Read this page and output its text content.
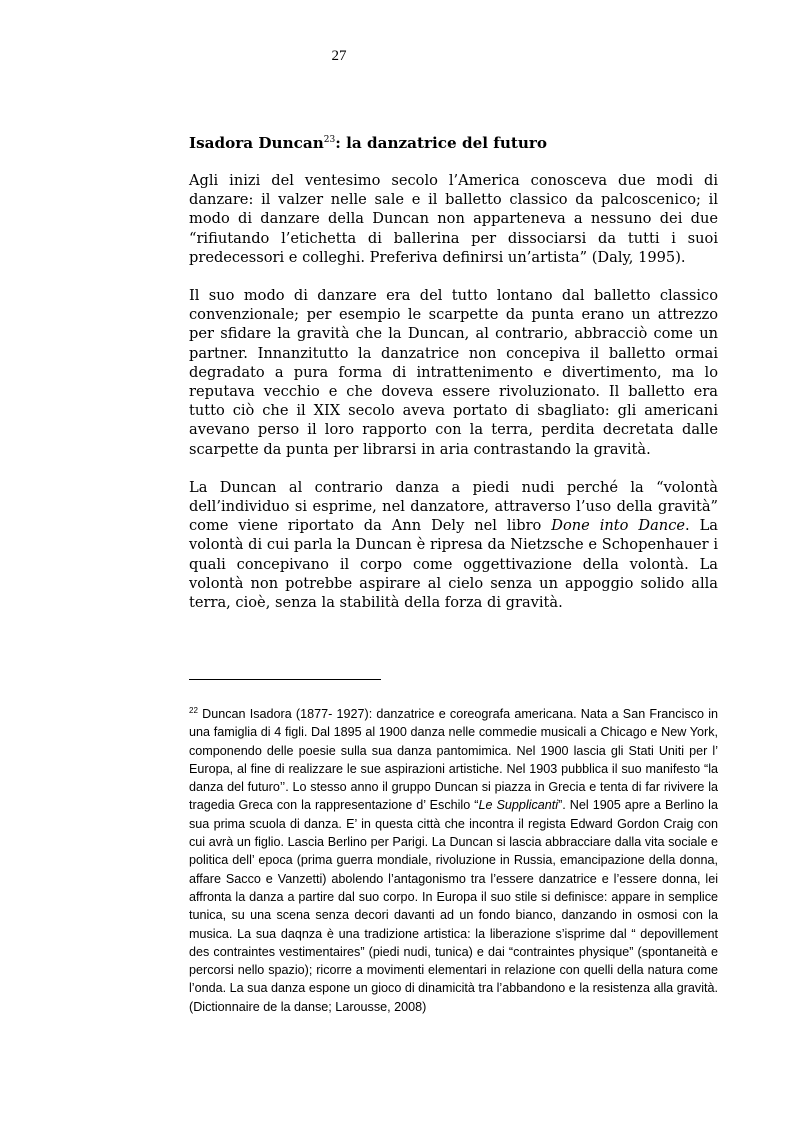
27
Isadora Duncan$^{23}$: la danzatrice del futuro

Agli inizi del ventesimo secolo l’America conosceva due modi di danzare: il valzer nelle sale e il balletto classico da palcoscenico; il modo di danzare della Duncan non apparteneva a nessuno dei due “rifiutando l’etichetta di ballerina per dissociarsi da tutti i suoi predecessori e colleghi. Preferiva definirsi un’artista” (Daly, 1995).

Il suo modo di danzare era del tutto lontano dal balletto classico convenzionale; per esempio le scarpette da punta erano un attrezzo per sfidare la gravità che la Duncan, al contrario, abbracciò come un partner. Innanzitutto la danzatrice non concepiva il balletto ormai degradato a pura forma di intrattenimento e divertimento, ma lo reputava vecchio e che doveva essere rivoluzionato. Il balletto era tutto ciò che il XIX secolo aveva portato di sbagliato: gli americani avevano perso il loro rapporto con la terra, perdita decretata dalle scarpette da punta per librarsi in aria contrastando la gravità.

La Duncan al contrario danza a piedi nudi perché la “volontà dell’individuo si esprime, nel danzatore, attraverso l’uso della gravità” come viene riportato da Ann Dely nel libro Done into Dance. La volontà di cui parla la Duncan è ripresa da Nietzsche e Schopenhauer i quali concepivano il corpo come oggettivazione della volontà. La volontà non potrebbe aspirare al cielo senza un appoggio solido alla terra, cioè, senza la stabilità della forza di gravità.

$^{22}$ Duncan Isadora (1877- 1927): danzatrice e coreografa americana. Nata a San Francisco in una famiglia di 4 figli. Dal 1895 al 1900 danza nelle commedie musicali a Chicago e New York, componendo delle poesie sulla sua danza pantomimica. Nel 1900 lascia gli Stati Uniti per l’ Europa, al fine di realizzare le sue aspirazioni artistiche. Nel 1903 pubblica il suo manifesto “la danza del futuro’’. Lo stesso anno il gruppo Duncan si piazza in Grecia e tenta di far rivivere la tragedia Greca con la rappresentazione d’ Eschilo “Le Supplicanti”. Nel 1905 apre a Berlino la sua prima scuola di danza. E’ in questa città che incontra il regista Edward Gordon Craig con cui avrà un figlio. Lascia Berlino per Parigi. La Duncan si lascia abbracciare dalla vita sociale e politica dell’ epoca (prima guerra mondiale, rivoluzione in Russia, emancipazione della donna, affare Sacco e Vanzetti) abolendo l’antagonismo tra l’essere danzatrice e l’essere donna, lei affronta la danza a partire dal suo corpo. In Europa il suo stile si definisce: appare in semplice tunica, su una scena senza decori davanti ad un fondo bianco, danzando in osmosi con la musica. La sua daqnza è una tradizione artistica: la liberazione s’isprime dal “ depovillement des contraintes vestimentaires” (piedi nudi, tunica) e dai “contraintes physique” (spontaneità e percorsi nello spazio); ricorre a movimenti elementari in relazione con quelli della natura come l’onda. La sua danza espone un gioco di dinamicità tra l’abbandono e la resistenza alla gravità. (Dictionnaire de la danse; Larousse, 2008)
